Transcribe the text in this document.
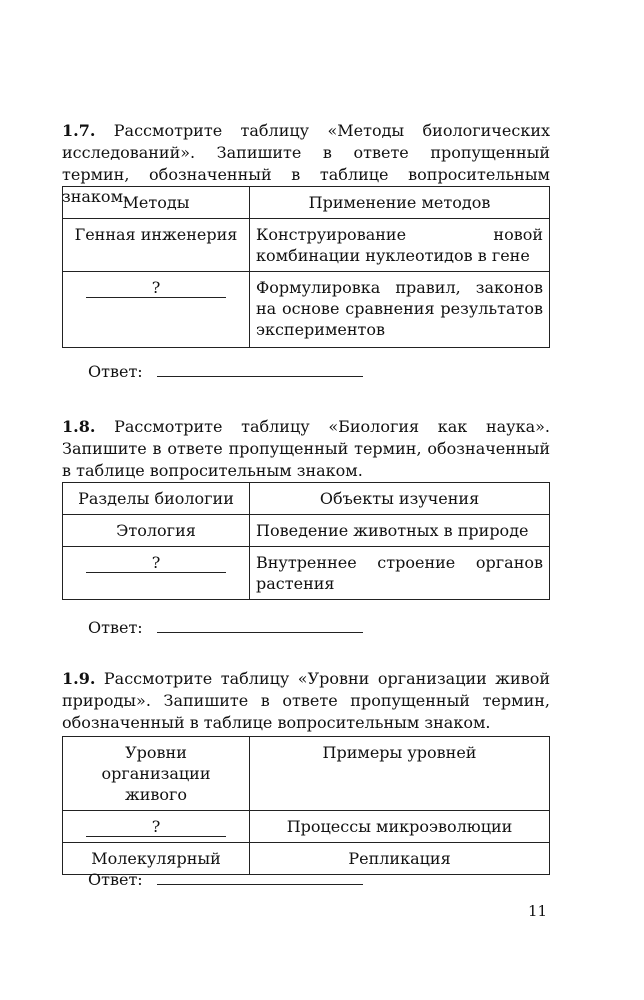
1.7. Рассмотрите таблицу «Методы биологических исследований». Запишите в ответе пропущенный термин, обозначенный в таблице вопросительным знаком.

Методы	Применение методов
Генная инженерия	Конструирование новой комбинации нуклеотидов в гене
?	Формулировка правил, законов на основе сравнения результатов экспериментов
Ответ:

1.8. Рассмотрите таблицу «Биология как наука». Запишите в ответе пропущенный термин, обозначенный в таблице вопросительным знаком.

Разделы биологии	Объекты изучения
Этология	Поведение животных в природе
?	Внутреннее строение органов растения
Ответ:

1.9. Рассмотрите таблицу «Уровни организации живой природы». Запишите в ответе пропущенный термин, обозначенный в таблице вопросительным знаком.

Уровни организации живого	Примеры уровней
?	Процессы микроэволюции
Молекулярный	Репликация
Ответ:
11
